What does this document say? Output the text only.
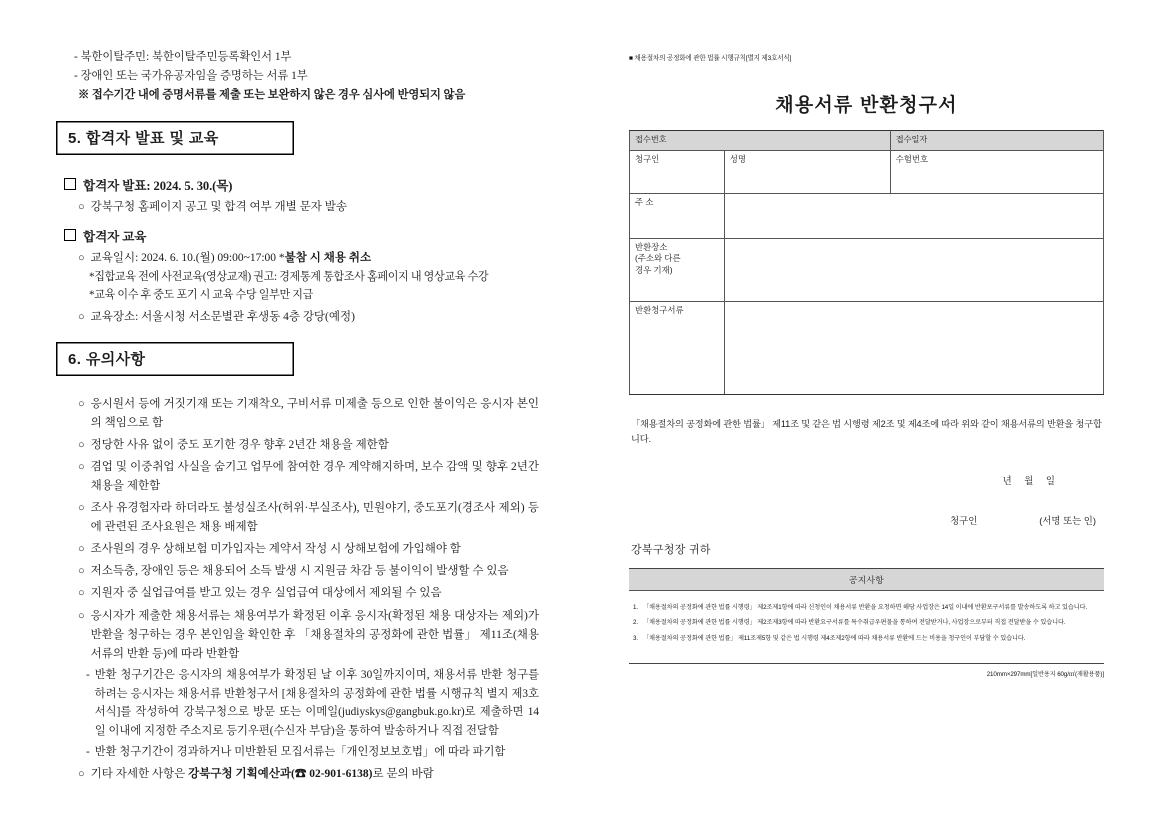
- 북한이탈주민: 북한이탈주민등록확인서 1부
- 장애인 또는 국가유공자임을 증명하는 서류 1부
※ 접수기간 내에 증명서류를 제출 또는 보완하지 않은 경우 심사에 반영되지 않음
5. 합격자 발표 및 교육
합격자 발표: 2024. 5. 30.(목)
○ 강북구청 홈페이지 공고 및 합격 여부 개별 문자 발송
합격자 교육
○ 교육일시: 2024. 6. 10.(월) 09:00~17:00 *불참 시 채용 취소
*집합교육 전에 사전교육(영상교재) 권고: 경제통계 통합조사 홈페이지 내 영상교육 수강
*교육 이수 후 중도 포기 시 교육 수당 일부만 지급
○ 교육장소: 서울시청 서소문별관 후생동 4층 강당(예정)
6. 유의사항
○ 응시원서 등에 거짓기재 또는 기재착오, 구비서류 미제출 등으로 인한 불이익은 응시자 본인의 책임으로 함
○ 정당한 사유 없이 중도 포기한 경우 향후 2년간 채용을 제한함
○ 겸업 및 이중취업 사실을 숨기고 업무에 참여한 경우 계약해지하며, 보수 감액 및 향후 2년간 채용을 제한함
○ 조사 유경험자라 하더라도 불성실조사(허위·부실조사), 민원야기, 중도포기(경조사 제외) 등에 관련된 조사요원은 채용 배제함
○ 조사원의 경우 상해보험 미가입자는 계약서 작성 시 상해보험에 가입해야 함
○ 저소득층, 장애인 등은 채용되어 소득 발생 시 지원금 차감 등 불이익이 발생할 수 있음
○ 지원자 중 실업급여를 받고 있는 경우 실업급여 대상에서 제외될 수 있음
○ 응시자가 제출한 채용서류는 채용여부가 확정된 이후 응시자(확정된 채용 대상자는 제외)가 반환을 청구하는 경우 본인임을 확인한 후 「채용절차의 공정화에 관한 법률」 제11조(채용서류의 반환 등)에 따라 반환함
- 반환 청구기간은 응시자의 채용여부가 확정된 날 이후 30일까지이며, 채용서류 반환 청구를 하려는 응시자는 채용서류 반환청구서 [채용절차의 공정화에 관한 법률 시행규칙 별지 제3호 서식]를 작성하여 강북구청으로 방문 또는 이메일(judiyskys@gangbuk.go.kr)로 제출하면 14일 이내에 지정한 주소지로 등기우편(수신자 부담)을 통하여 발송하거나 직접 전달함
- 반환 청구기간이 경과하거나 미반환된 모집서류는「개인정보보호법」에 따라 파기함
○ 기타 자세한 사항은 강북구청 기획예산과(☎ 02-901-6138)로 문의 바람
■ 채용절차의 공정화에 관한 법률 시행규칙[별지 제3호서식]
채용서류 반환청구서
접수번호		접수일자
청구인	성명	수험번호
주 소		
반환장소
(주소와 다른
경우 기재)		
반환청구서류		
「채용절차의 공정화에 관한 법률」 제11조 및 같은 법 시행령 제2조 및 제4조에 따라 위와 같이 채용서류의 반환을 청구합니다.
년 월 일
청구인	(서명 또는 인)
강북구청장 귀하
공지사항
1. 「채용절차의 공정화에 관한 법률 시행령」 제2조제1항에 따라 신청인이 채용서류 반환을 요청하면 해당 사업장은 14일 이내에 반환포구서류를 발송하도록 하고 있습니다.
2. 「채용절차의 공정화에 관한 법률 시행령」 제2조제3항에 따라 반환요구서류를 특수취급우편물을 통하여 전달받거나, 사업장으로부터 직접 전달받을 수 있습니다.
3. 「채용절차의 공정화에 관한 법률」 제11조제5항 및 같은 법 시행령 제4조제2항에 따라 채용서류 반환에 드는 비용을 청구인이 부담할 수 있습니다.
210mm×297mm[일반용지 60g/㎡(재활용품)]
